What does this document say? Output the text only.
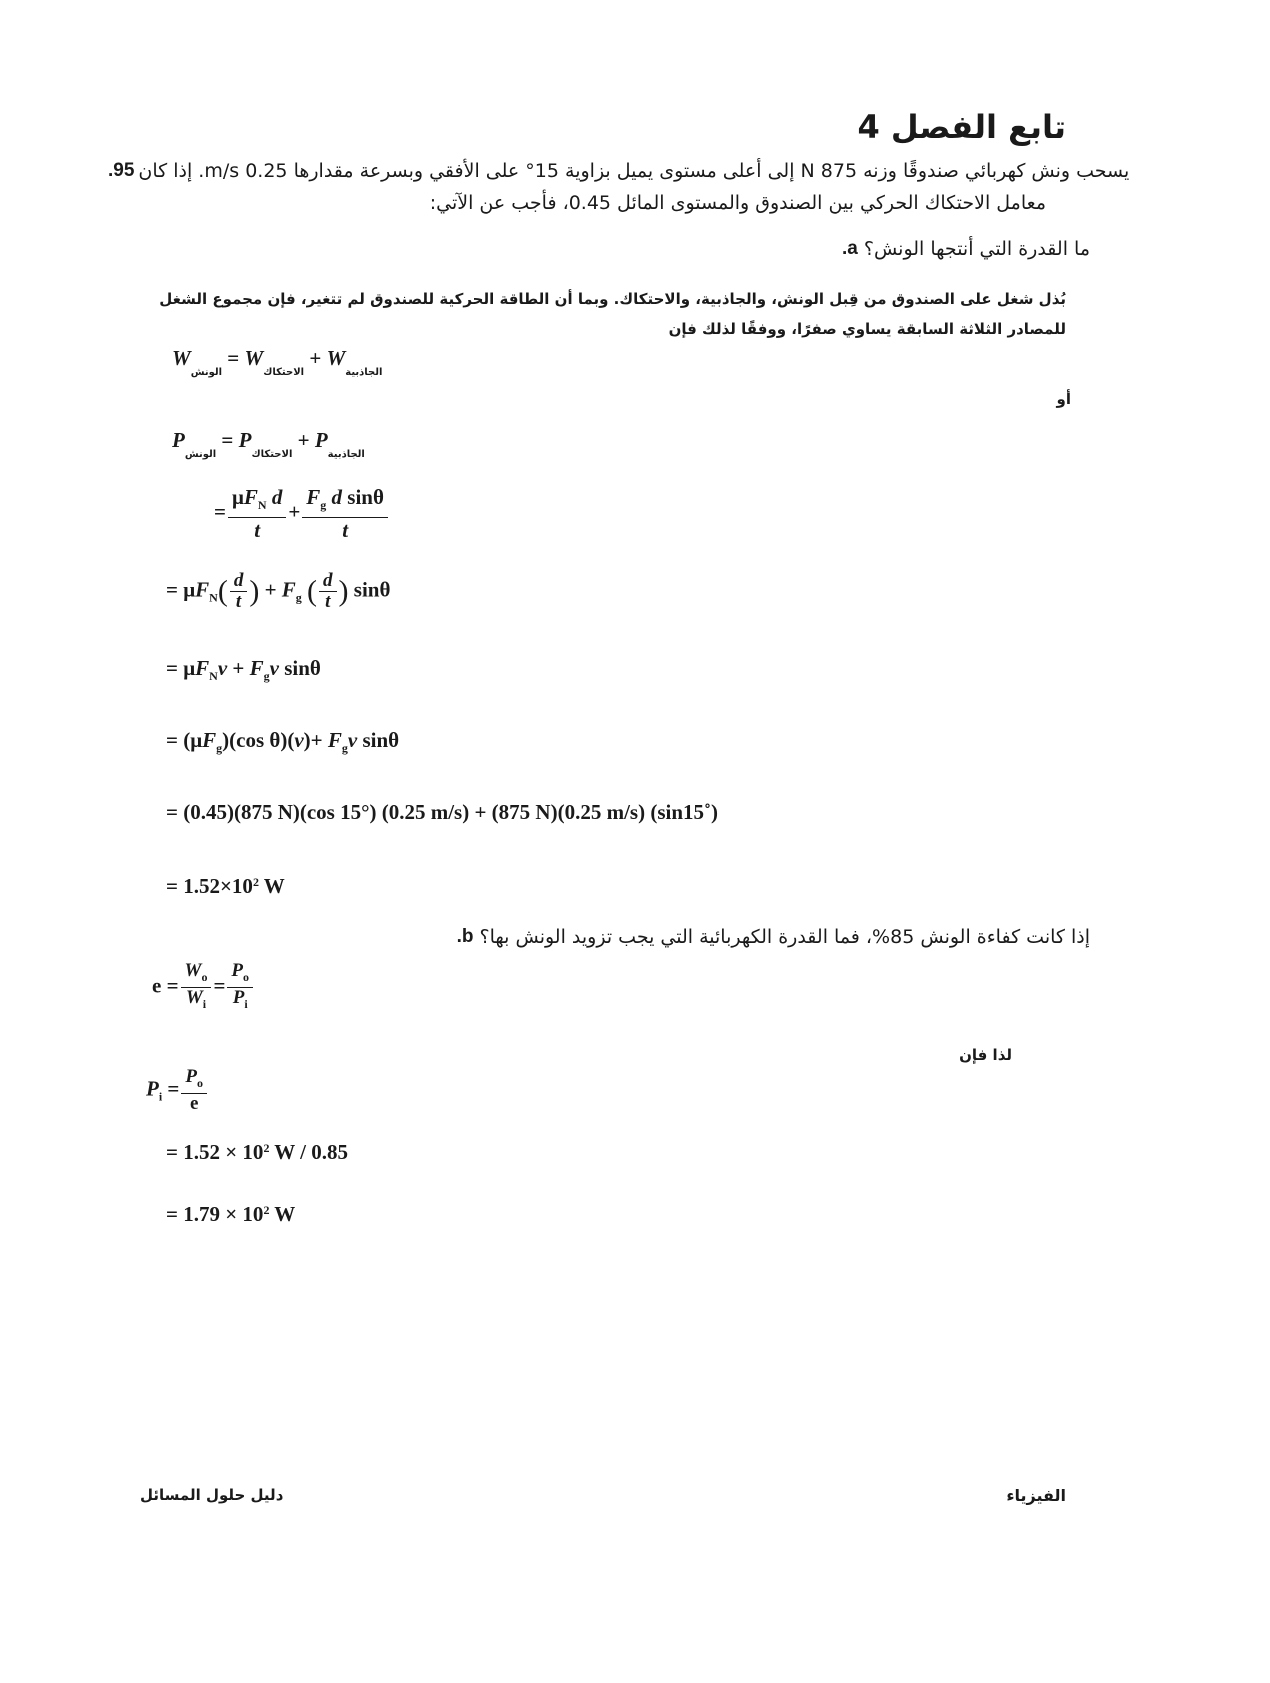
تابع الفصل 4
95. يسحب ونش كهربائي صندوقًا وزنه 875 N إلى أعلى مستوى يميل بزاوية 15° على الأفقي وبسرعة مقدارها 0.25 m/s. إذا كان
معامل الاحتكاك الحركي بين الصندوق والمستوى المائل 0.45، فأجب عن الآتي:
a. ما القدرة التي أنتجها الونش؟
بُذل شغل على الصندوق من قِبل الونش، والجاذبية، والاحتكاك. وبما أن الطاقة الحركية للصندوق لم تتغير، فإن مجموع الشغل
للمصادر الثلاثة السابقة يساوي صفرًا، ووفقًا لذلك فإن
$W_{الونش} = W_{الاحتكاك} + W_{الجاذبية}$
أو
$P_{الونش} = P_{الاحتكاك} + P_{الجاذبية}$
= $\frac{\mu F_N d}{t} + \frac{F_g d \sin\theta}{t}$
= $\mu F_N( \frac{d}{t}$ ) + $F_g$ ( $\frac{d}{t}$ ) sinθ
= $\mu F_Nv + F_gv$ sinθ
= $(\mu F_g)(\cos$ $\theta)(v)+ F_gv$ sinθ
= (0.45)(875 N)(cos 15°) (0.25 m/s) + (875 N)(0.25 m/s) (sin15˚)
= $1.52\times 10^2$ W
b. إذا كانت كفاءة الونش 85%، فما القدرة الكهربائية التي يجب تزويد الونش بها؟
$e = \frac{W_o}{W_i} = \frac{P_o}{P_i}$
لذا فإن
$P_i = \frac{P_o}{e}$
= $1.52 \times 10^2$ W / 0.85
= $1.79 \times 10^2$ W
دليل حلول المسائل	الفيزياء
